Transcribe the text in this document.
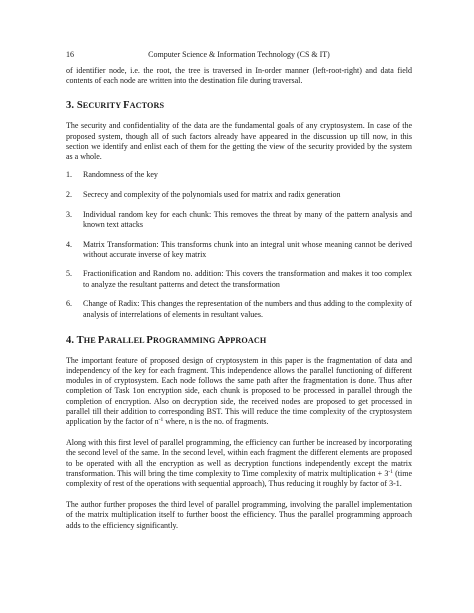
16	Computer Science & Information Technology (CS & IT)

of identifier node, i.e. the root, the tree is traversed in In-order manner (left-root-right) and data field contents of each node are written into the destination file during traversal.

3. SECURITY FACTORS

The security and confidentiality of the data are the fundamental goals of any cryptosystem. In case of the proposed system, though all of such factors already have appeared in the discussion up till now, in this section we identify and enlist each of them for the getting the view of the security provided by the system as a whole.

1.	Randomness of the key
2.	Secrecy and complexity of the polynomials used for matrix and radix generation
3.	Individual random key for each chunk: This removes the threat by many of the pattern analysis and known text attacks
4.	Matrix Transformation: This transforms chunk into an integral unit whose meaning cannot be derived without accurate inverse of key matrix
5.	Fractionification and Random no. addition: This covers the transformation and makes it too complex to analyze the resultant patterns and detect the transformation
6.	Change of Radix: This changes the representation of the numbers and thus adding to the complexity of analysis of interrelations of elements in resultant values.
4. THE PARALLEL PROGRAMMING APPROACH

The important feature of proposed design of cryptosystem in this paper is the fragmentation of data and independency of the key for each fragment. This independence allows the parallel functioning of different modules in of cryptosystem. Each node follows the same path after the fragmentation is done. Thus after completion of Task 1on encryption side, each chunk is proposed to be processed in parallel through the completion of encryption. Also on decryption side, the received nodes are proposed to get processed in parallel till their addition to corresponding BST. This will reduce the time complexity of the cryptosystem application by the factor of $n^{-1}$ where, n is the no. of fragments.

Along with this first level of parallel programming, the efficiency can further be increased by incorporating the second level of the same. In the second level, within each fragment the different elements are proposed to be operated with all the encryption as well as decryption functions independently except the matrix transformation. This will bring the time complexity to Time complexity of matrix multiplication + $3^{-1}$ (time complexity of rest of the operations with sequential approach), Thus reducing it roughly by factor of 3-1.

The author further proposes the third level of parallel programming, involving the parallel implementation of the matrix multiplication itself to further boost the efficiency. Thus the parallel programming approach adds to the efficiency significantly.
